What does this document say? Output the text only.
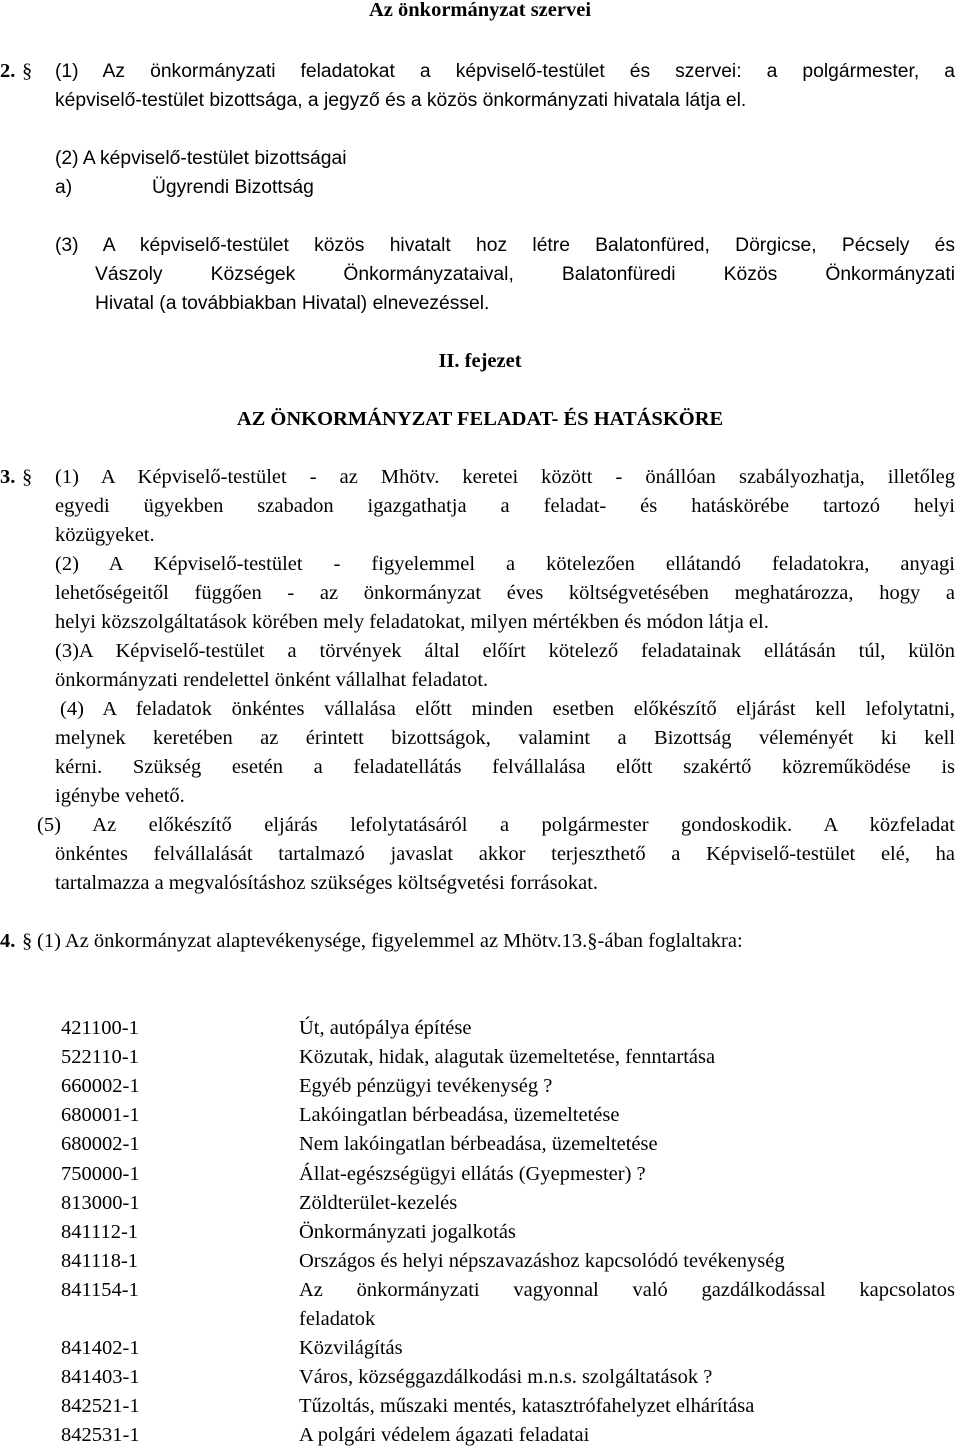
Az önkormányzat szervei
2. § (1) Az önkormányzati feladatokat a képviselő-testület és szervei: a polgármester, a
képviselő-testület bizottsága, a jegyző és a közös önkormányzati hivatala látja el.
(2) A képviselő-testület bizottságai
a)	Ügyrendi Bizottság
(3) A képviselő-testület közös hivatalt hoz létre Balatonfüred, Dörgicse, Pécsely és
Vászoly Községek Önkormányzataival, Balatonfüredi Közös Önkormányzati
Hivatal (a továbbiakban Hivatal) elnevezéssel.
II. fejezet
AZ ÖNKORMÁNYZAT FELADAT- ÉS HATÁSKÖRE
3. § (1) A Képviselő-testület - az Mhötv. keretei között - önállóan szabályozhatja, illetőleg
egyedi ügyekben szabadon igazgathatja a feladat- és hatáskörébe tartozó helyi
közügyeket.
(2) A Képviselő-testület - figyelemmel a kötelezően ellátandó feladatokra, anyagi
lehetőségeitől függően - az önkormányzat éves költségvetésében meghatározza, hogy a
helyi közszolgáltatások körében mely feladatokat, milyen mértékben és módon látja el.
(3)A Képviselő-testület a törvények által előírt kötelező feladatainak ellátásán túl, külön
önkormányzati rendelettel önként vállalhat feladatot.
(4) A feladatok önkéntes vállalása előtt minden esetben előkészítő eljárást kell lefolytatni,
melynek keretében az érintett bizottságok, valamint a Bizottság véleményét ki kell
kérni. Szükség esetén a feladatellátás felvállalása előtt szakértő közreműködése is
igénybe vehető.
(5) Az előkészítő eljárás lefolytatásáról a polgármester gondoskodik. A közfeladat
önkéntes felvállalását tartalmazó javaslat akkor terjeszthető a Képviselő-testület elé, ha
tartalmazza a megvalósításhoz szükséges költségvetési forrásokat.
4. § (1) Az önkormányzat alaptevékenysége, figyelemmel az Mhötv.13.§-ában foglaltakra:
421100-1	Út, autópálya építése
522110-1	Közutak, hidak, alagutak üzemeltetése, fenntartása
660002-1	Egyéb pénzügyi tevékenység ?
680001-1	Lakóingatlan bérbeadása, üzemeltetése
680002-1	Nem lakóingatlan bérbeadása, üzemeltetése
750000-1	Állat-egészségügyi ellátás (Gyepmester) ?
813000-1	Zöldterület-kezelés
841112-1	Önkormányzati jogalkotás
841118-1	Országos és helyi népszavazáshoz kapcsolódó tevékenység
841154-1	Az önkormányzati vagyonnal való gazdálkodással kapcsolatos
feladatok
841402-1	Közvilágítás
841403-1	Város, községgazdálkodási m.n.s. szolgáltatások ?
842521-1	Tűzoltás, műszaki mentés, katasztrófahelyzet elhárítása
842531-1	A polgári védelem ágazati feladatai
